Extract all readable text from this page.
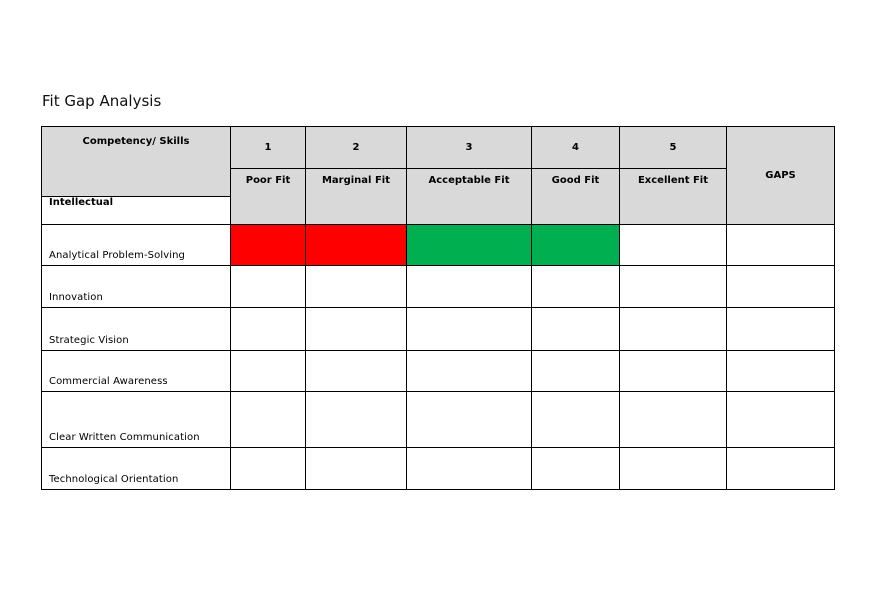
Fit Gap Analysis
Competency/ Skills	1	2	3	4	5	GAPS
	Poor Fit	Marginal Fit	Acceptable Fit	Good Fit	Excellent Fit	
Intellectual						
Analytical Problem-Solving						
Innovation						
Strategic Vision						
Commercial Awareness						
Clear Written Communication						
Technological Orientation						
